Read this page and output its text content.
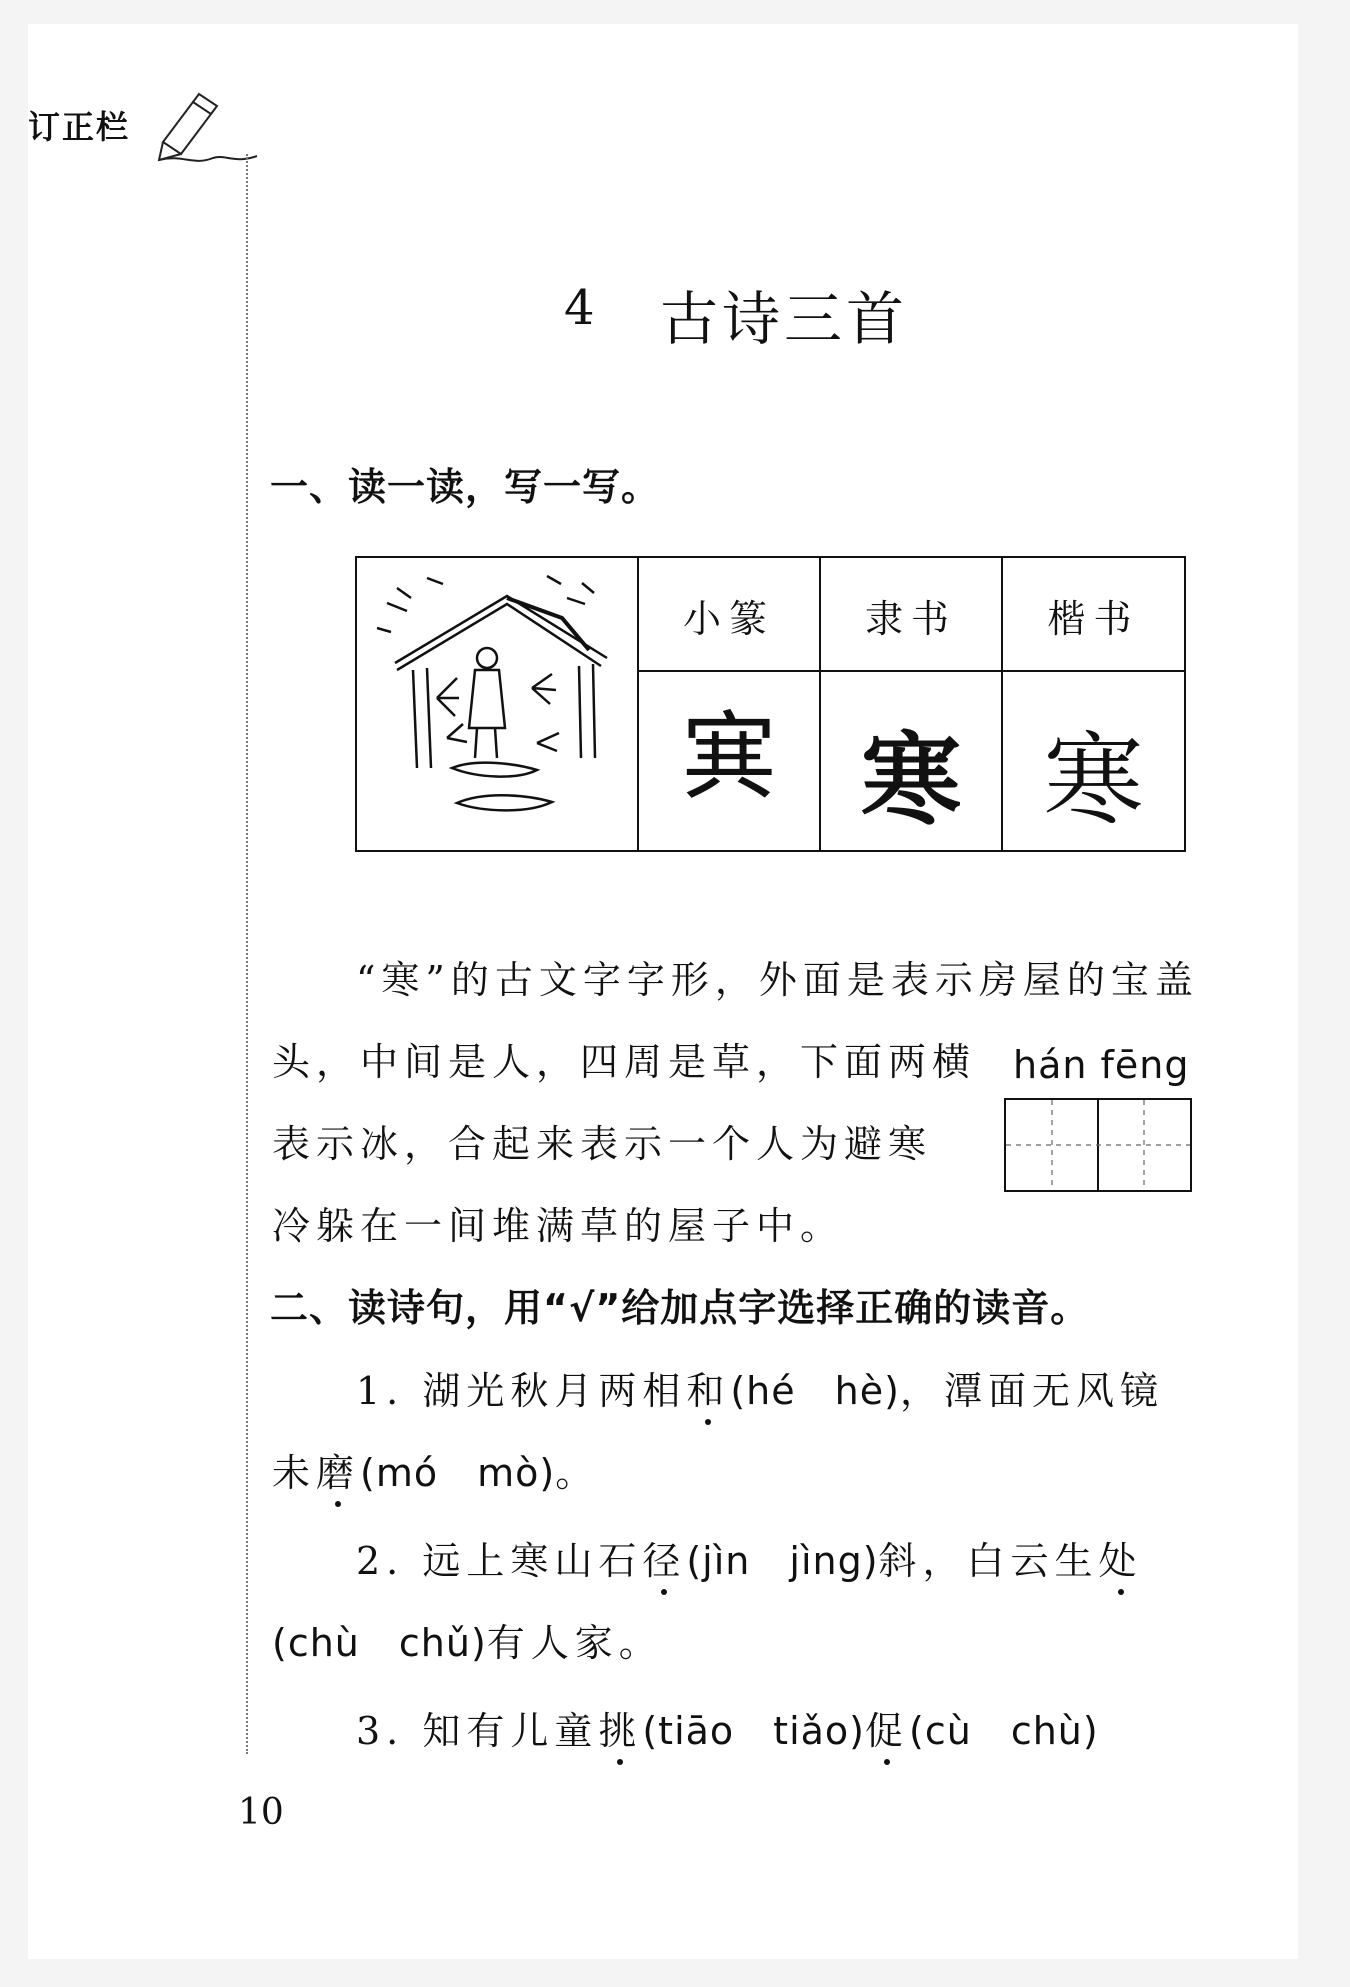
订正栏
4 古诗三首
一、读一读，写一写。
小篆	隶书	楷书
𡨄 寒 寒
“寒”的古文字字形，外面是表示房屋的宝盖
头，中间是人，四周是草，下面两横
表示冰，合起来表示一个人为避寒
冷躲在一间堆满草的屋子中。
hán fēng
二、读诗句，用“√”给加点字选择正确的读音。
1. 湖光秋月两相和(hé　hè)，潭面无风镜
未磨(mó　mò)。
2. 远上寒山石径(jìn　jìng)斜，白云生处
(chù　chǔ)有人家。
3. 知有儿童挑(tiāo　tiǎo)促(cù　chù)
10
